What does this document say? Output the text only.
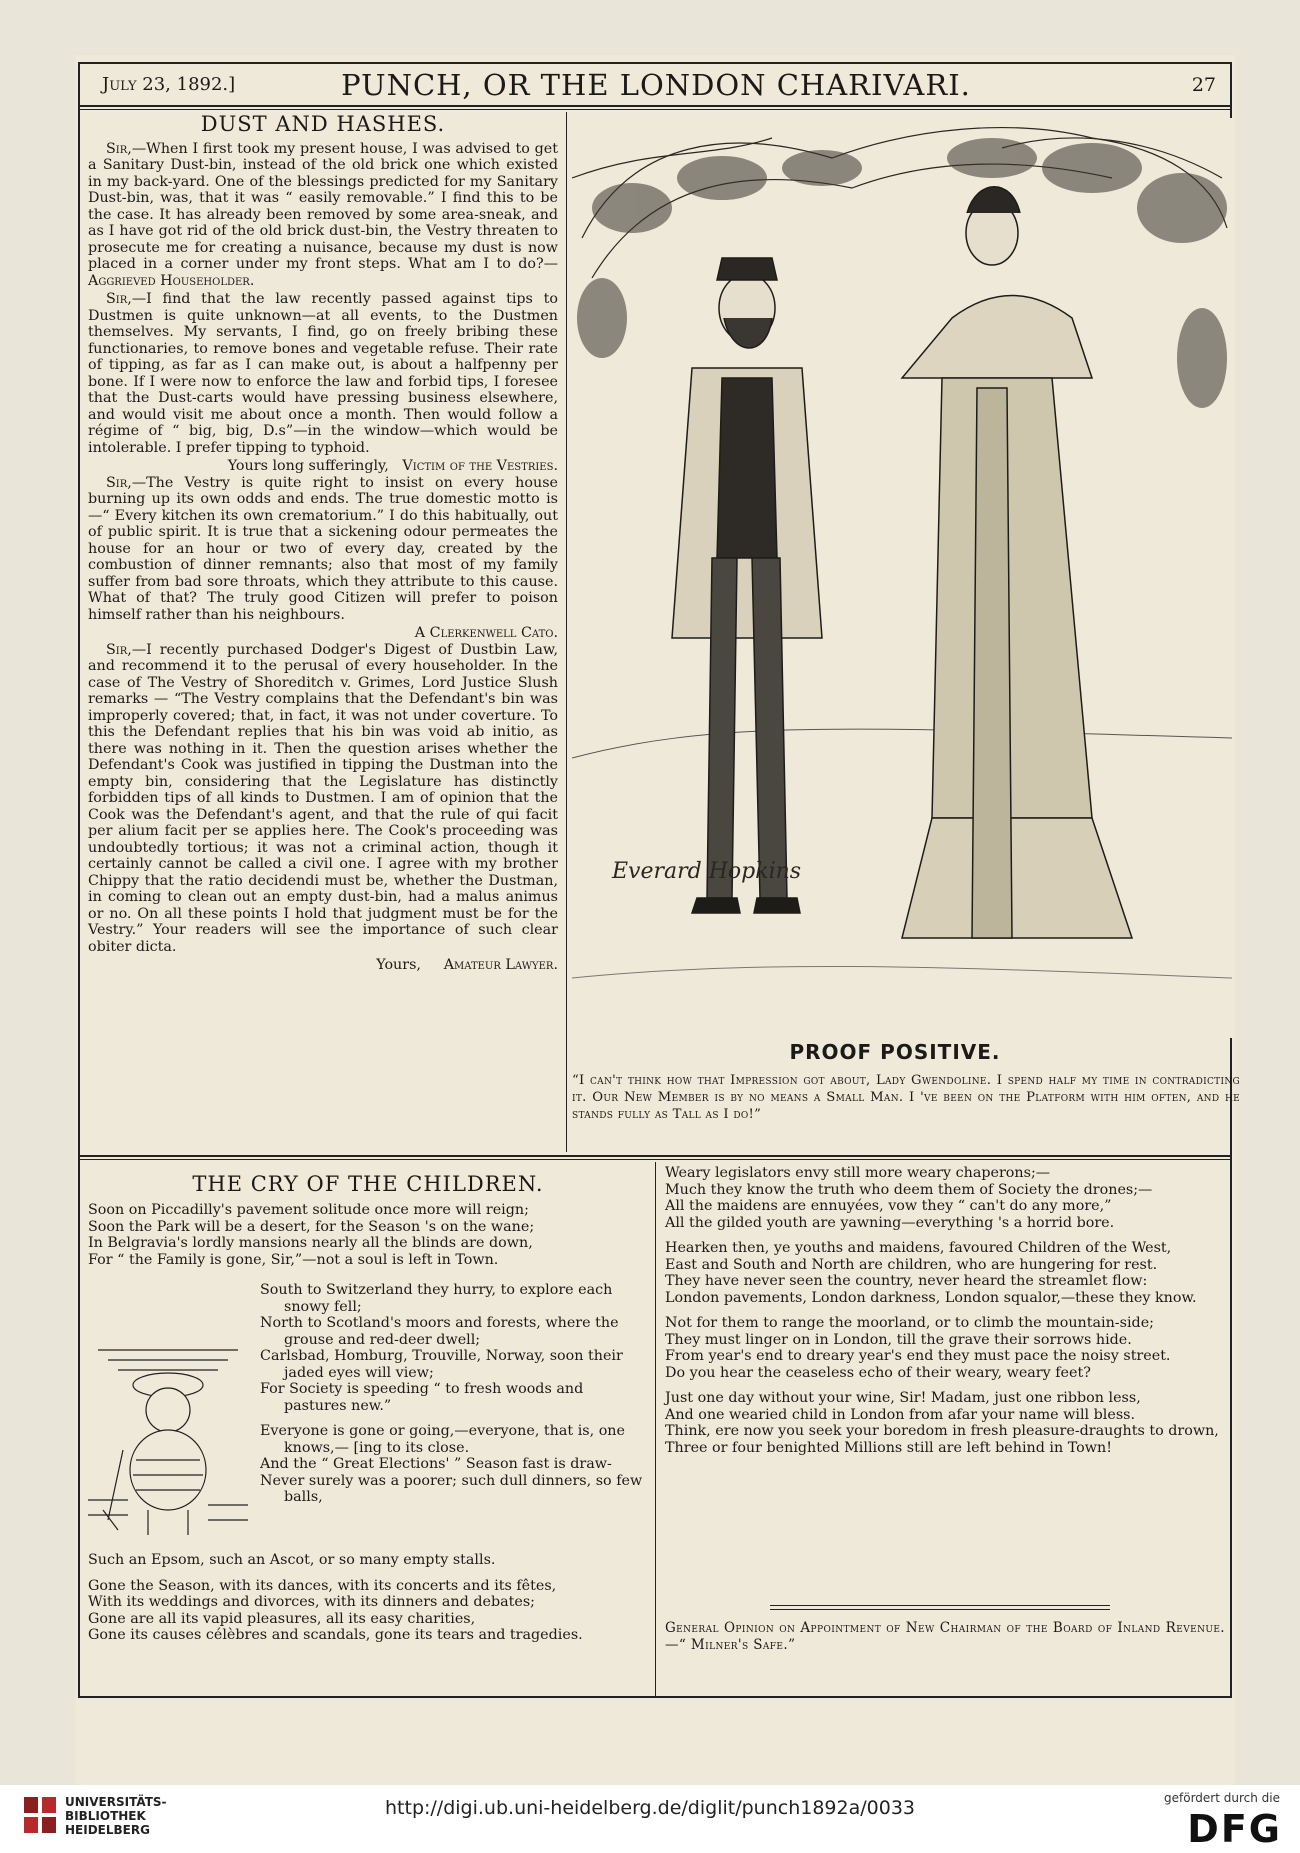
July 23, 1892.]	PUNCH, OR THE LONDON CHARIVARI.	27
DUST AND HASHES.

Sir,—When I first took my present house, I was advised to get a Sanitary Dust-bin, instead of the old brick one which existed in my back-yard. One of the blessings predicted for my Sanitary Dust-bin, was, that it was “ easily removable.” I find this to be the case. It has already been removed by some area-sneak, and as I have got rid of the old brick dust-bin, the Vestry threaten to prosecute me for creating a nuisance, because my dust is now placed in a corner under my front steps. What am I to do?—Aggrieved Householder.

Sir,—I find that the law recently passed against tips to Dustmen is quite unknown—at all events, to the Dustmen themselves. My servants, I find, go on freely bribing these functionaries, to remove bones and vegetable refuse. Their rate of tipping, as far as I can make out, is about a halfpenny per bone. If I were now to enforce the law and forbid tips, I foresee that the Dust-carts would have pressing business elsewhere, and would visit me about once a month. Then would follow a régime of “ big, big, D.s”—in the window—which would be intolerable. I prefer tipping to typhoid.

Yours long sufferingly, Victim of the Vestries.

Sir,—The Vestry is quite right to insist on every house burning up its own odds and ends. The true domestic motto is—“ Every kitchen its own crematorium.” I do this habitually, out of public spirit. It is true that a sickening odour permeates the house for an hour or two of every day, created by the combustion of dinner remnants; also that most of my family suffer from bad sore throats, which they attribute to this cause. What of that? The truly good Citizen will prefer to poison himself rather than his neighbours.

A Clerkenwell Cato.

Sir,—I recently purchased Dodger's Digest of Dustbin Law, and recommend it to the perusal of every householder. In the case of The Vestry of Shoreditch v. Grimes, Lord Justice Slush remarks — “The Vestry complains that the Defendant's bin was improperly covered; that, in fact, it was not under coverture. To this the Defendant replies that his bin was void ab initio, as there was nothing in it. Then the question arises whether the Defendant's Cook was justified in tipping the Dustman into the empty bin, considering that the Legislature has distinctly forbidden tips of all kinds to Dustmen. I am of opinion that the Cook was the Defendant's agent, and that the rule of qui facit per alium facit per se applies here. The Cook's proceeding was undoubtedly tortious; it was not a criminal action, though it certainly cannot be called a civil one. I agree with my brother Chippy that the ratio decidendi must be, whether the Dustman, in coming to clean out an empty dust-bin, had a malus animus or no. On all these points I hold that judgment must be for the Vestry.” Your readers will see the importance of such clear obiter dicta.

Yours, Amateur Lawyer.
Everard Hopkins
PROOF POSITIVE.
“I can't think how that Impression got about, Lady Gwendoline. I spend half my time in contradicting it. Our New Member is by no means a Small Man. I 've been on the Platform with him often, and he stands fully as Tall as I do!”
THE CRY OF THE CHILDREN.

Soon on Piccadilly's pavement solitude once more will reign;

Soon the Park will be a desert, for the Season 's on the wane;

In Belgravia's lordly mansions nearly all the blinds are down,

For “ the Family is gone, Sir,”—not a soul is left in Town.

South to Switzerland they hurry, to explore each snowy fell;

North to Scotland's moors and forests, where the grouse and red-deer dwell;

Carlsbad, Homburg, Trouville, Norway, soon their jaded eyes will view;

For Society is speeding “ to fresh woods and pastures new.”

Everyone is gone or going,—everyone, that is, one knows,— [ing to its close.

And the “ Great Elections' ” Season fast is draw-

Never surely was a poorer; such dull dinners, so few balls,

Such an Epsom, such an Ascot, or so many empty stalls.

Gone the Season, with its dances, with its concerts and its fêtes,

With its weddings and divorces, with its dinners and debates;

Gone are all its vapid pleasures, all its easy charities,

Gone its causes célèbres and scandals, gone its tears and tragedies.

Weary legislators envy still more weary chaperons;—

Much they know the truth who deem them of Society the drones;—

All the maidens are ennuyées, vow they “ can't do any more,”

All the gilded youth are yawning—everything 's a horrid bore.

Hearken then, ye youths and maidens, favoured Children of the West,

East and South and North are children, who are hungering for rest.

They have never seen the country, never heard the streamlet flow:

London pavements, London darkness, London squalor,—these they know.

Not for them to range the moorland, or to climb the mountain-side;

They must linger on in London, till the grave their sorrows hide.

From year's end to dreary year's end they must pace the noisy street.

Do you hear the ceaseless echo of their weary, weary feet?

Just one day without your wine, Sir! Madam, just one ribbon less,

And one wearied child in London from afar your name will bless.

Think, ere now you seek your boredom in fresh pleasure-draughts to drown,

Three or four benighted Millions still are left behind in Town!

General Opinion on Appointment of New Chairman of the Board of Inland Revenue.—“ Milner's Safe.”
UNIVERSITÄTS-
BIBLIOTHEK
HEIDELBERG
http://digi.ub.uni-heidelberg.de/diglit/punch1892a/0033	gefördert durch die
DFG
